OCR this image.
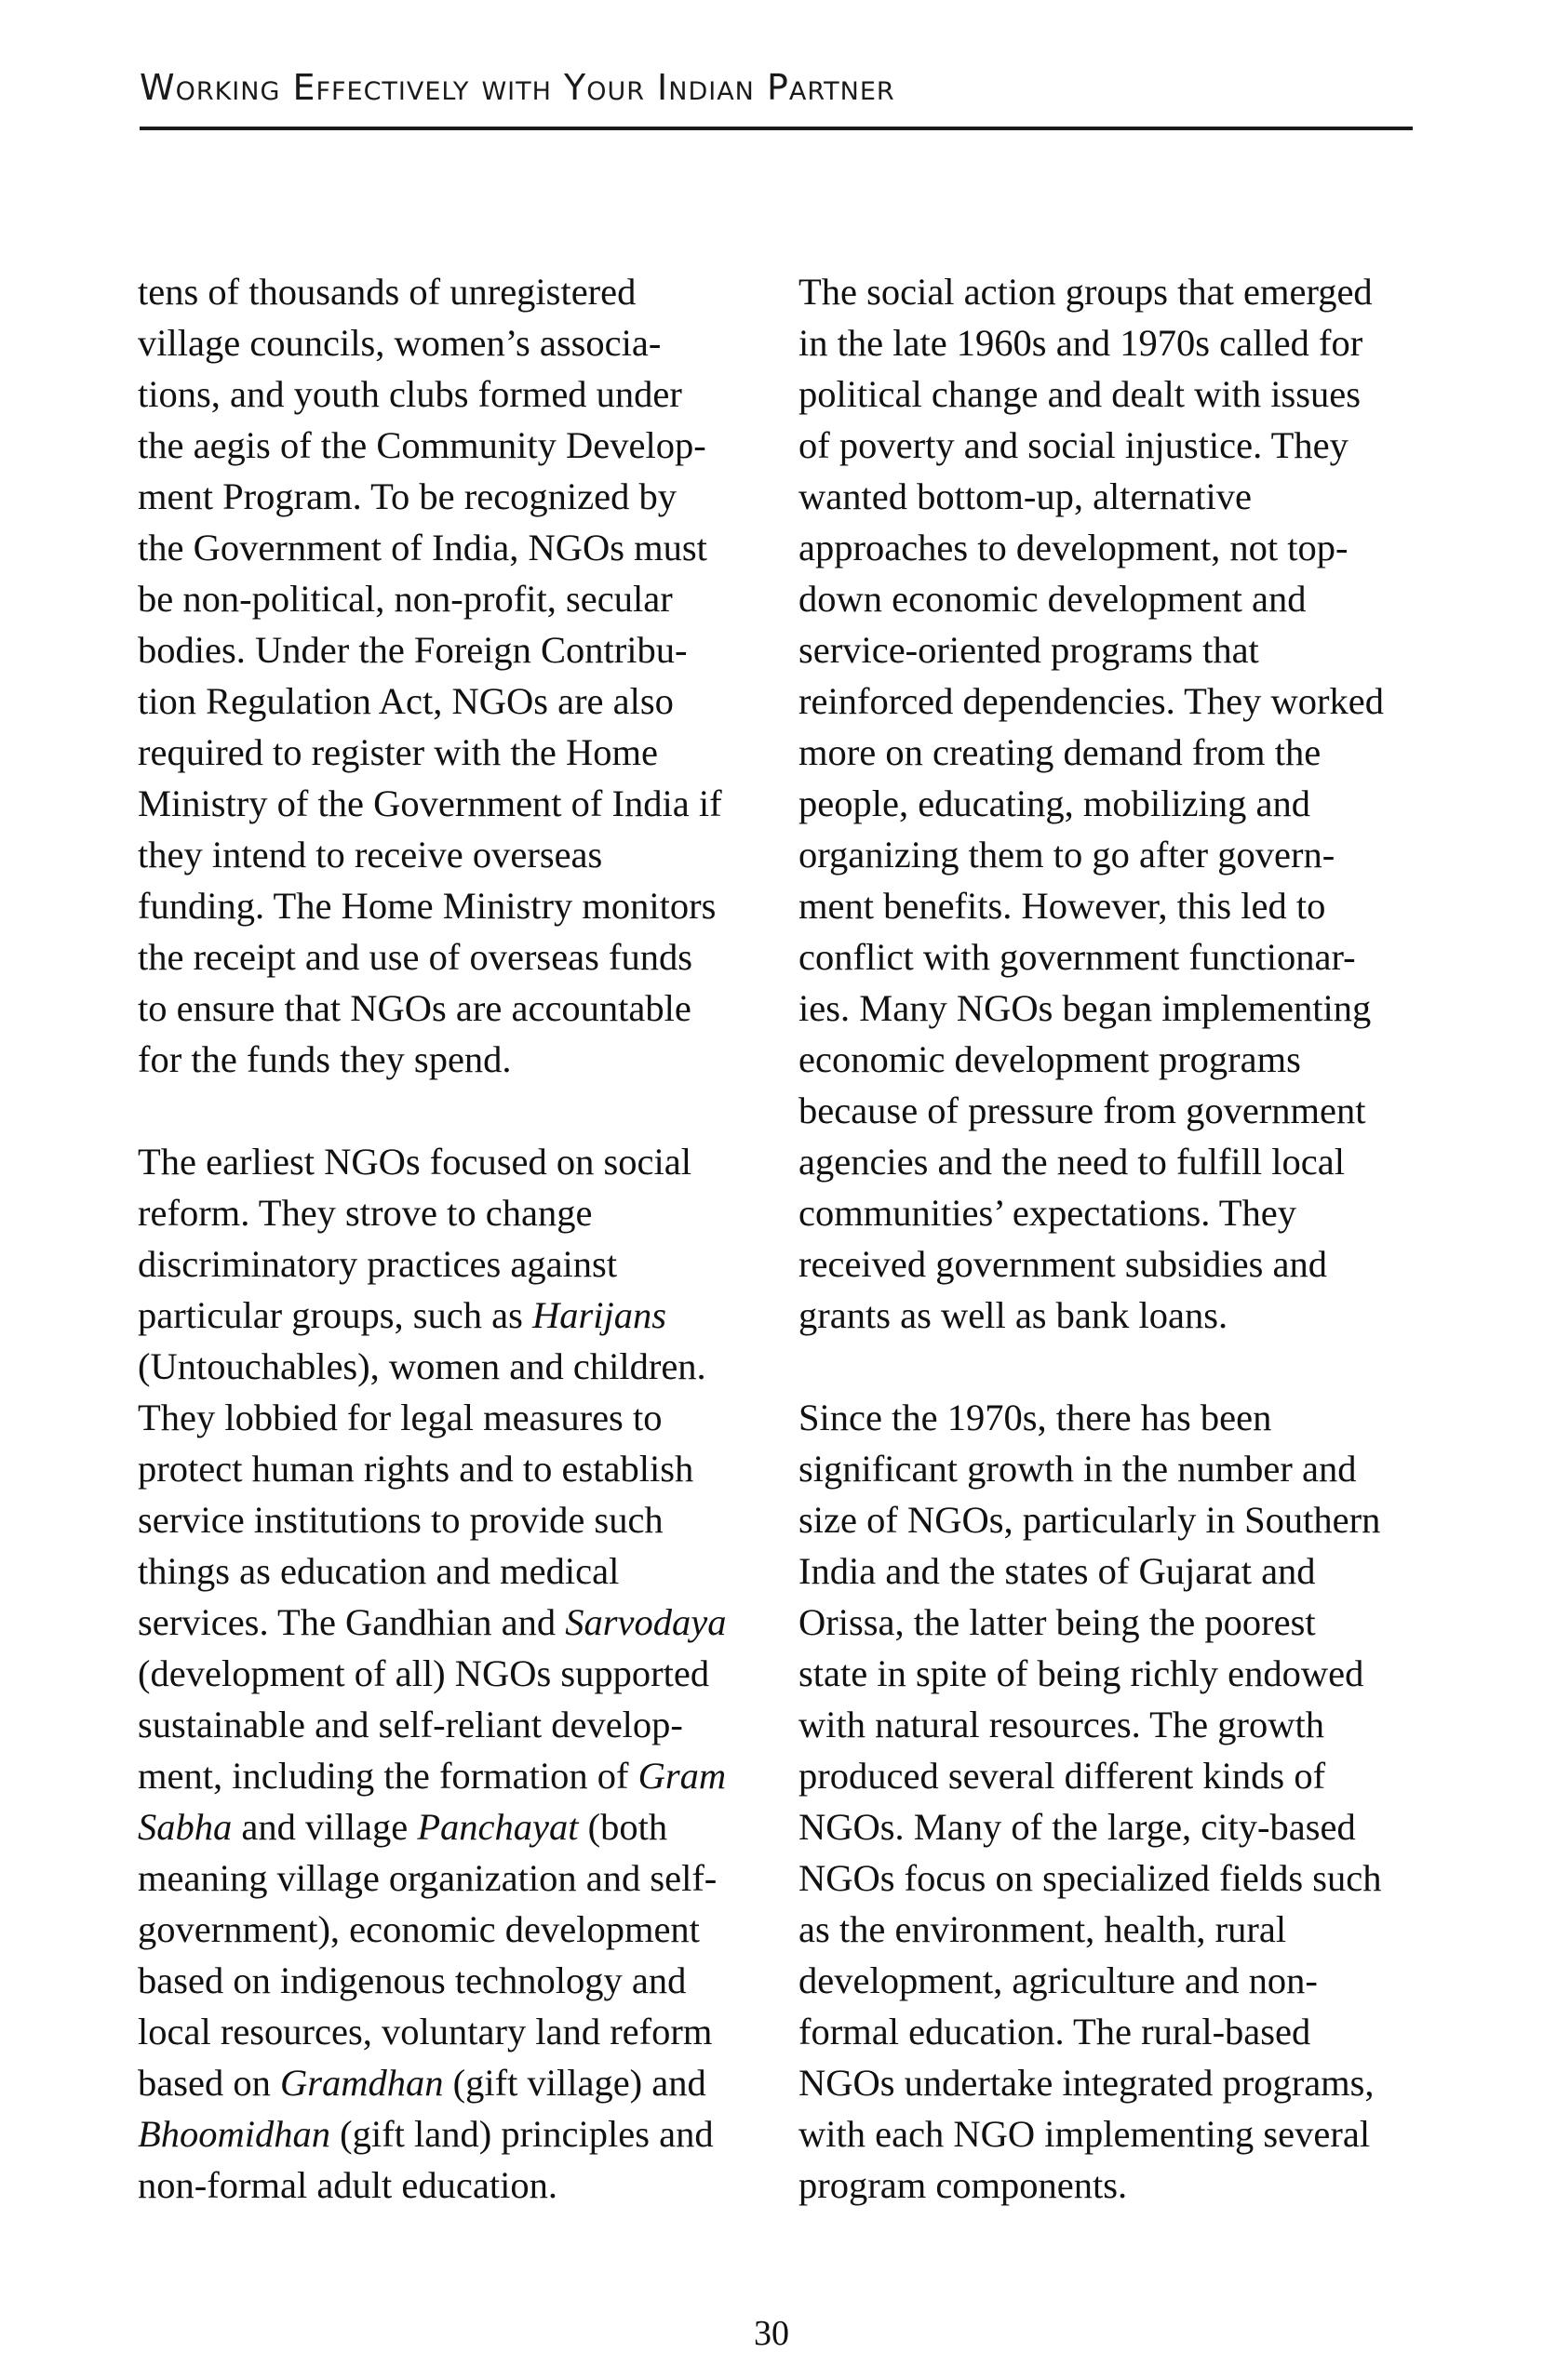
Working Effectively with Your Indian Partner
tens of thousands of unregistered
village councils, women’s associa-
tions, and youth clubs formed under
the aegis of the Community Develop-
ment Program. To be recognized by
the Government of India, NGOs must
be non-political, non-profit, secular
bodies. Under the Foreign Contribu-
tion Regulation Act, NGOs are also
required to register with the Home
Ministry of the Government of India if
they intend to receive overseas
funding. The Home Ministry monitors
the receipt and use of overseas funds
to ensure that NGOs are accountable
for the funds they spend.
The earliest NGOs focused on social
reform. They strove to change
discriminatory practices against
particular groups, such as Harijans
(Untouchables), women and children.
They lobbied for legal measures to
protect human rights and to establish
service institutions to provide such
things as education and medical
services. The Gandhian and Sarvodaya
(development of all) NGOs supported
sustainable and self-reliant develop-
ment, including the formation of Gram
Sabha and village Panchayat (both
meaning village organization and self-
government), economic development
based on indigenous technology and
local resources, voluntary land reform
based on Gramdhan (gift village) and
Bhoomidhan (gift land) principles and
non-formal adult education.
The social action groups that emerged
in the late 1960s and 1970s called for
political change and dealt with issues
of poverty and social injustice. They
wanted bottom-up, alternative
approaches to development, not top-
down economic development and
service-oriented programs that
reinforced dependencies. They worked
more on creating demand from the
people, educating, mobilizing and
organizing them to go after govern-
ment benefits. However, this led to
conflict with government functionar-
ies. Many NGOs began implementing
economic development programs
because of pressure from government
agencies and the need to fulfill local
communities’ expectations. They
received government subsidies and
grants as well as bank loans.
Since the 1970s, there has been
significant growth in the number and
size of NGOs, particularly in Southern
India and the states of Gujarat and
Orissa, the latter being the poorest
state in spite of being richly endowed
with natural resources. The growth
produced several different kinds of
NGOs. Many of the large, city-based
NGOs focus on specialized fields such
as the environment, health, rural
development, agriculture and non-
formal education. The rural-based
NGOs undertake integrated programs,
with each NGO implementing several
program components.
30
